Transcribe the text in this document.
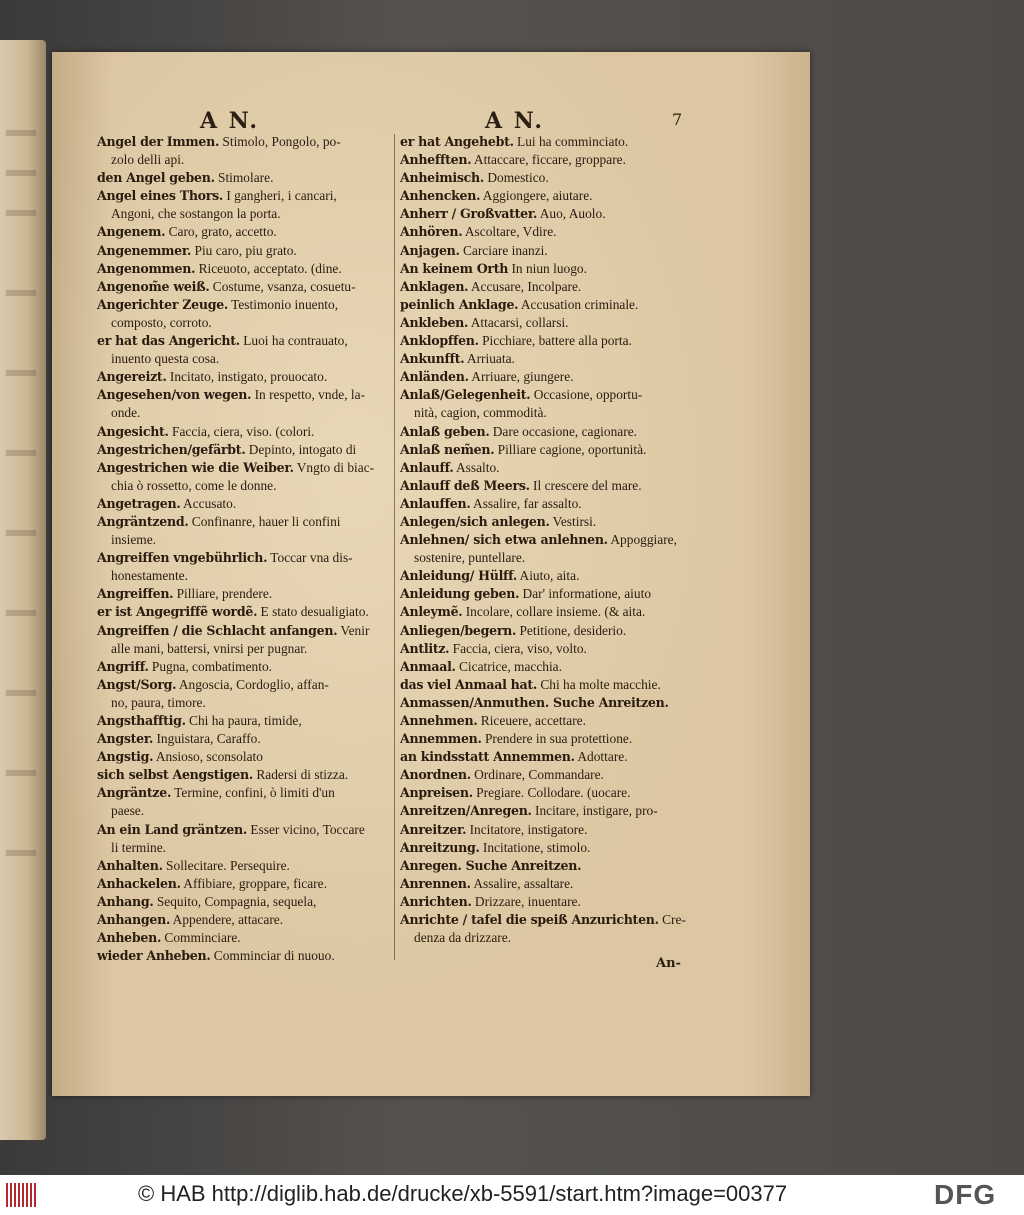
A N.	A N.	7
Angel der Immen. Stimolo, Pongolo, po-
zolo delli api.
den Angel geben. Stimolare.
Angel eines Thors. I gangheri, i cancari,
Angoni, che sostangon la porta.
Angenem. Caro, grato, accetto.
Angenemmer. Piu caro, piu grato.
Angenommen. Riceuoto, acceptato. (dine.
Angenom̃e weiß. Costume, vsanza, cosuetu-
Angerichter Zeuge. Testimonio inuento,
composto, corroto.
er hat das Angericht. Luoi ha contrauato,
inuento questa cosa.
Angereizt. Incitato, instigato, prouocato.
Angesehen/von wegen. In respetto, vnde, la-
onde.
Angesicht. Faccia, ciera, viso. (colori.
Angestrichen/gefärbt. Depinto, intogato di
Angestrichen wie die Weiber. Vngto di biac-
chia ò rossetto, come le donne.
Angetragen. Accusato.
Angräntzend. Confinanre, hauer li confini
insieme.
Angreiffen vngebührlich. Toccar vna dis-
honestamente.
Angreiffen. Pilliare, prendere.
er ist Angegriffẽ wordẽ. E stato desualigiato.
Angreiffen / die Schlacht anfangen. Venir
alle mani, battersi, vnirsi per pugnar.
Angriff. Pugna, combatimento.
Angst/Sorg. Angoscia, Cordoglio, affan-
no, paura, timore.
Angsthafftig. Chi ha paura, timide,
Angster. Inguistara, Caraffo.
Angstig. Ansioso, sconsolato
sich selbst Aengstigen. Radersi di stizza.
Angräntze. Termine, confini, ò limiti d'un
paese.
An ein Land gräntzen. Esser vicino, Toccare
li termine.
Anhalten. Sollecitare. Persequire.
Anhackelen. Affibiare, groppare, ficare.
Anhang. Sequito, Compagnia, sequela,
Anhangen. Appendere, attacare.
Anheben. Comminciare.
wieder Anheben. Comminciar di nuouo.
er hat Angehebt. Lui ha comminciato.
Anhefften. Attaccare, ficcare, groppare.
Anheimisch. Domestico.
Anhencken. Aggiongere, aiutare.
Anherr / Großvatter. Auo, Auolo.
Anhören. Ascoltare, Vdire.
Anjagen. Carciare inanzi.
An keinem Orth In niun luogo.
Anklagen. Accusare, Incolpare.
peinlich Anklage. Accusation criminale.
Ankleben. Attacarsi, collarsi.
Anklopffen. Picchiare, battere alla porta.
Ankunfft. Arriuata.
Anländen. Arriuare, giungere.
Anlaß/Gelegenheit. Occasione, opportu-
nità, cagion, commodità.
Anlaß geben. Dare occasione, cagionare.
Anlaß nem̃en. Pilliare cagione, oportunità.
Anlauff. Assalto.
Anlauff deß Meers. Il crescere del mare.
Anlauffen. Assalire, far assalto.
Anlegen/sich anlegen. Vestirsi.
Anlehnen/ sich etwa anlehnen. Appoggiare,
sostenire, puntellare.
Anleidung/ Hülff. Aiuto, aita.
Anleidung geben. Dar' informatione, aiuto
Anleymẽ. Incolare, collare insieme. (& aita.
Anliegen/begern. Petitione, desiderio.
Antlitz. Faccia, ciera, viso, volto.
Anmaal. Cicatrice, macchia.
das viel Anmaal hat. Chi ha molte macchie.
Anmassen/Anmuthen. Suche Anreitzen.
Annehmen. Riceuere, accettare.
Annemmen. Prendere in sua protettione.
an kindsstatt Annemmen. Adottare.
Anordnen. Ordinare, Commandare.
Anpreisen. Pregiare. Collodare. (uocare.
Anreitzen/Anregen. Incitare, instigare, pro-
Anreitzer. Incitatore, instigatore.
Anreitzung. Incitatione, stimolo.
Anregen. Suche Anreitzen.
Anrennen. Assalire, assaltare.
Anrichten. Drizzare, inuentare.
Anrichte / tafel die speiß Anzurichten. Cre-
denza da drizzare.
An-
© HAB http://diglib.hab.de/drucke/xb-5591/start.htm?image=00377	DFG
